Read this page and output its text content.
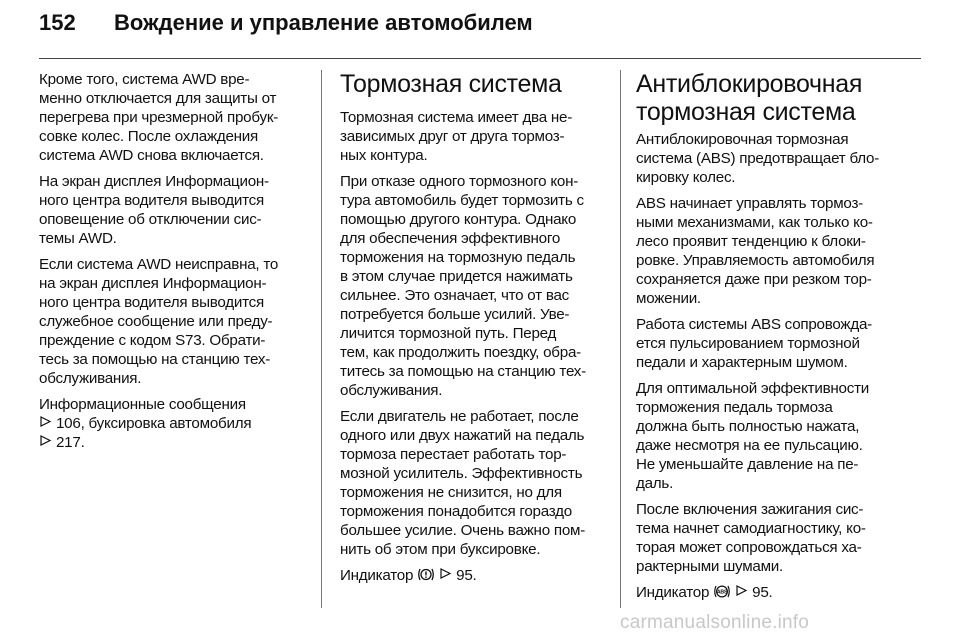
152 Вождение и управление автомобилем

Кроме того, система AWD вре-
менно отключается для защиты от
перегрева при чрезмерной пробук-
совке колес. После охлаждения
система AWD снова включается.

На экран дисплея Информацион-
ного центра водителя выводится
оповещение об отключении сис-
темы AWD.

Если система AWD неисправна, то
на экран дисплея Информацион-
ного центра водителя выводится
служебное сообщение или преду-
преждение с кодом S73. Обрати-
тесь за помощью на станцию тех-
обслуживания.

Информационные сообщения
106, буксировка автомобиля
217.

Тормозная система

Тормозная система имеет два не-
зависимых друг от друга тормоз-
ных контура.

При отказе одного тормозного кон-
тура автомобиль будет тормозить с
помощью другого контура. Однако
для обеспечения эффективного
торможения на тормозную педаль
в этом случае придется нажимать
сильнее. Это означает, что от вас
потребуется больше усилий. Уве-
личится тормозной путь. Перед
тем, как продолжить поездку, обра-
титесь за помощью на станцию тех-
обслуживания.

Если двигатель не работает, после
одного или двух нажатий на педаль
тормоза перестает работать тор-
мозной усилитель. Эффективность
торможения не снизится, но для
торможения понадобится гораздо
большее усилие. Очень важно пом-
нить об этом при буксировке.

Индикатор	95.

Антиблокировочная
тормозная система

Антиблокировочная тормозная
система (ABS) предотвращает бло-
кировку колес.

ABS начинает управлять тормоз-
ными механизмами, как только ко-
лесо проявит тенденцию к блоки-
ровке. Управляемость автомобиля
сохраняется даже при резком тор-
можении.

Работа системы ABS сопровожда-
ется пульсированием тормозной
педали и характерным шумом.

Для оптимальной эффективности
торможения педаль тормоза
должна быть полностью нажата,
даже несмотря на ее пульсацию.
Не уменьшайте давление на пе-
даль.

После включения зажигания сис-
тема начнет самодиагностику, ко-
торая может сопровождаться ха-
рактерными шумами.

Индикатор ABS 95.

carmanualsonline.info
